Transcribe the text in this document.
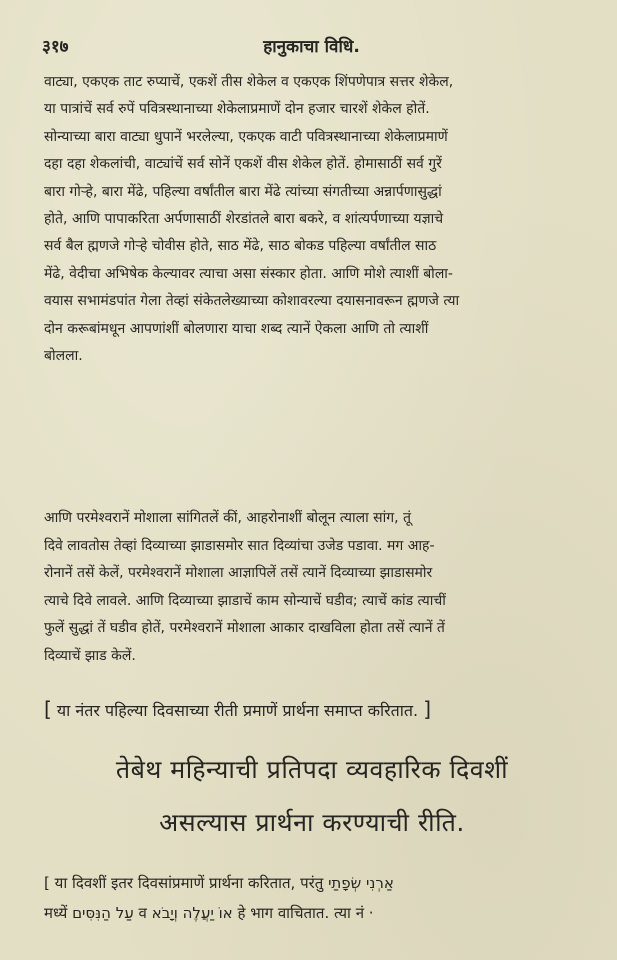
३१७	हानुकाचा विधि.
वाट्या, एकएक ताट रुप्याचें, एकशें तीस शेकेल व एकएक शिंपणेपात्र सत्तर शेकेल,
या पात्रांचें सर्व रुपें पवित्रस्थानाच्या शेकेलाप्रमाणें दोन हजार चारशें शेकेल होतें.
सोन्याच्या बारा वाट्या धुपानें भरलेल्या, एकएक वाटी पवित्रस्थानाच्या शेकेलाप्रमाणें
दहा दहा शेकलांची, वाट्यांचें सर्व सोनें एकशें वीस शेकेल होतें. होमासाठीं सर्व गुरें
बारा गोऱ्हे, बारा मेंढे, पहिल्या वर्षांतील बारा मेंढे त्यांच्या संगतीच्या अन्नार्पणासुद्धां
होते, आणि पापाकरिता अर्पणासाठीं शेरडांतले बारा बकरे, व शांत्यर्पणाच्या यज्ञाचे
सर्व बैल ह्मणजे गोऱ्हे चोवीस होते, साठ मेंढे, साठ बोकड पहिल्या वर्षांतील साठ
मेंढे, वेदीचा अभिषेक केल्यावर त्याचा असा संस्कार होता. आणि मोशे त्याशीं बोला-
वयास सभामंडपांत गेला तेव्हां संकेतलेख्याच्या कोशावरल्या दयासनावरून ह्मणजे त्या
दोन करूबांमधून आपणांशीं बोलणारा याचा शब्द त्यानें ऐकला आणि तो त्याशीं
बोलला.
आणि परमेश्वरानें मोशाला सांगितलें कीं, आहरोनाशीं बोलून त्याला सांग, तूं
दिवे लावतोस तेव्हां दिव्याच्या झाडासमोर सात दिव्यांचा उजेड पडावा. मग आह-
रोनानें तसें केलें, परमेश्वरानें मोशाला आज्ञापिलें तसें त्यानें दिव्याच्या झाडासमोर
त्याचे दिवे लावले. आणि दिव्याच्या झाडाचें काम सोन्याचें घडीव; त्याचें कांड त्याचीं
फुलें सुद्धां तें घडीव होतें, परमेश्वरानें मोशाला आकार दाखविला होता तसें त्यानें तें
दिव्याचें झाड केलें.
[ या नंतर पहिल्या दिवसाच्या रीती प्रमाणें प्रार्थना समाप्त करितात. ]
तेबेथ महिन्याची प्रतिपदा व्यवहारिक दिवशीं
असल्यास प्रार्थना करण्याची रीति.
[ या दिवशीं इतर दिवसांप्रमाणें प्रार्थना करितात, परंतु אַרְנִי שְׂפָתַי
मध्यें עַל הַנִּסִּים व אוֹ יַעֲלֶה וְיָבֹא हे भाग वाचितात. त्या नं ·
